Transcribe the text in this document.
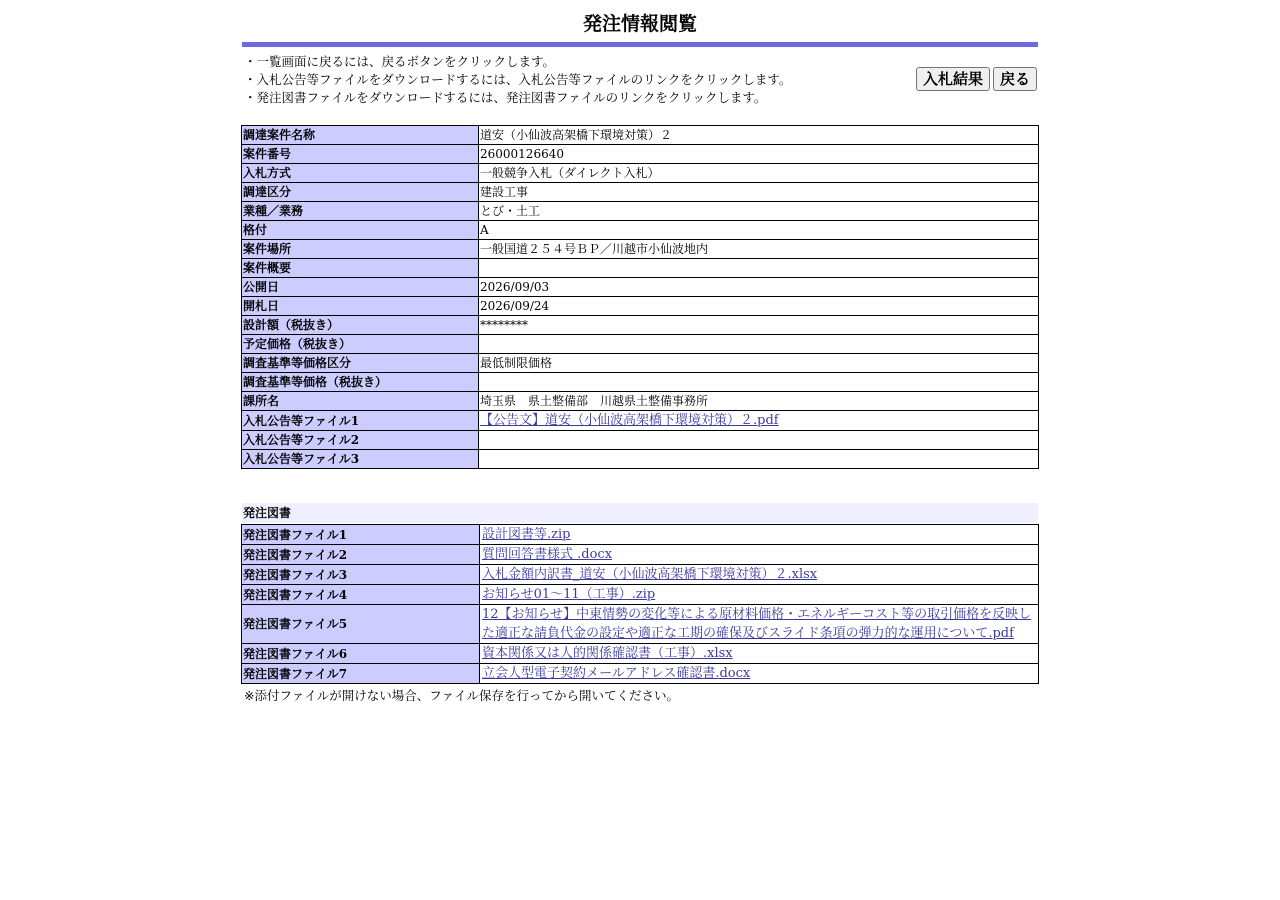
発注情報閲覧
・一覧画面に戻るには、戻るボタンをクリックします。
・入札公告等ファイルをダウンロードするには、入札公告等ファイルのリンクをクリックします。
・発注図書ファイルをダウンロードするには、発注図書ファイルのリンクをクリックします。
入札結果	戻る
調達案件名称	道安（小仙波高架橋下環境対策）２
案件番号	26000126640
入札方式	一般競争入札（ダイレクト入札）
調達区分	建設工事
業種／業務	とび・土工
格付	A
案件場所	一般国道２５４号ＢＰ／川越市小仙波地内
案件概要	
公開日	2026/09/03
開札日	2026/09/24
設計額（税抜き）	********
予定価格（税抜き）	
調査基準等価格区分	最低制限価格
調査基準等価格（税抜き）	
課所名	埼玉県　県土整備部　川越県土整備事務所
入札公告等ファイル1	【公告文】道安（小仙波高架橋下環境対策）２.pdf
入札公告等ファイル2	
入札公告等ファイル3	
発注図書
発注図書ファイル1	設計図書等.zip
発注図書ファイル2	質問回答書様式 .docx
発注図書ファイル3	入札金額内訳書_道安（小仙波高架橋下環境対策）２.xlsx
発注図書ファイル4	お知らせ01～11（工事）.zip
発注図書ファイル5	12【お知らせ】中東情勢の変化等による原材料価格・エネルギーコスト等の取引価格を反映した適正な請負代金の設定や適正な工期の確保及びスライド条項の弾力的な運用について.pdf
発注図書ファイル6	資本関係又は人的関係確認書（工事）.xlsx
発注図書ファイル7	立会人型電子契約メールアドレス確認書.docx
※添付ファイルが開けない場合、ファイル保存を行ってから開いてください。
